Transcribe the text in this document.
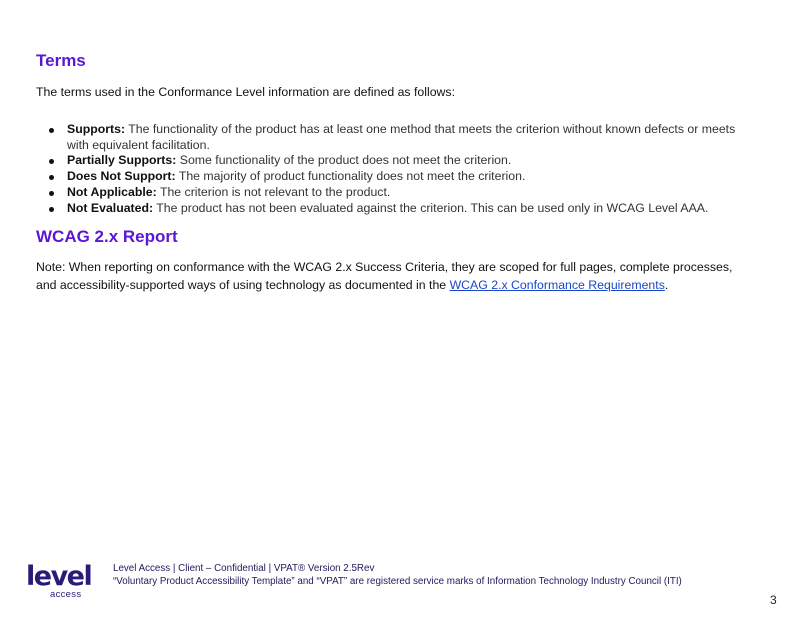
Terms

The terms used in the Conformance Level information are defined as follows:

Supports: The functionality of the product has at least one method that meets the criterion without known defects or meets with equivalent facilitation.
Partially Supports: Some functionality of the product does not meet the criterion.
Does Not Support: The majority of product functionality does not meet the criterion.
Not Applicable: The criterion is not relevant to the product.
Not Evaluated: The product has not been evaluated against the criterion. This can be used only in WCAG Level AAA.
WCAG 2.x Report

Note: When reporting on conformance with the WCAG 2.x Success Criteria, they are scoped for full pages, complete processes, and accessibility-supported ways of using technology as documented in the WCAG 2.x Conformance Requirements.

level
access
Level Access | Client – Confidential | VPAT® Version 2.5Rev
“Voluntary Product Accessibility Template” and “VPAT” are registered service marks of Information Technology Industry Council (ITI)
3
